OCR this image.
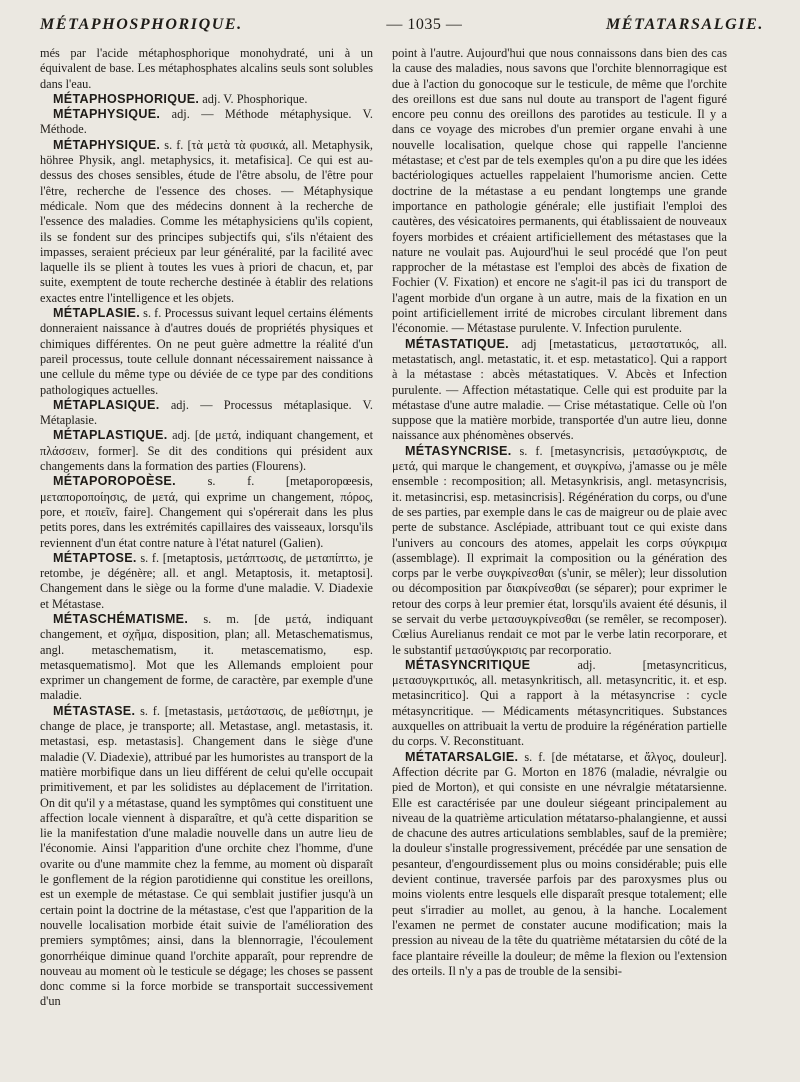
MÉTAPHOSPHORIQUE.	— 1035 —	MÉTATARSALGIE.

més par l'acide métaphosphorique monohydraté, uni à un équivalent de base. Les métaphosphates alcalins seuls sont solubles dans l'eau.

MÉTAPHOSPHORIQUE. adj. V. Phosphorique.

MÉTAPHYSIQUE. adj. — Méthode métaphysique. V. Méthode.

MÉTAPHYSIQUE. s. f. [τὰ μετὰ τὰ φυσικά, all. Metaphysik, höhree Physik, angl. metaphysics, it. metafisica]. Ce qui est au-dessus des choses sensibles, étude de l'être absolu, de l'être pour l'être, recherche de l'essence des choses. — Métaphysique médicale. Nom que des médecins donnent à la recherche de l'essence des maladies. Comme les métaphysiciens qu'ils copient, ils se fondent sur des principes subjectifs qui, s'ils n'étaient des impasses, seraient précieux par leur généralité, par la facilité avec laquelle ils se plient à toutes les vues à priori de chacun, et, par suite, exemptent de toute recherche destinée à établir des relations exactes entre l'intelligence et les objets.

MÉTAPLASIE. s. f. Processus suivant lequel certains éléments donneraient naissance à d'autres doués de propriétés physiques et chimiques différentes. On ne peut guère admettre la réalité d'un pareil processus, toute cellule donnant nécessairement naissance à une cellule du même type ou déviée de ce type par des conditions pathologiques actuelles.

MÉTAPLASIQUE. adj. — Processus métaplasique. V. Métaplasie.

MÉTAPLASTIQUE. adj. [de μετά, indiquant changement, et πλάσσειν, former]. Se dit des conditions qui président aux changements dans la formation des parties (Flourens).

MÉTAPOROPOÈSE.	s. f. [metaporopœesis, μεταποροποίησις, de μετά, qui exprime un changement, πόρος, pore, et ποιεῖν, faire]. Changement qui s'opérerait dans les plus petits pores, dans les extrémités capillaires des vaisseaux, lorsqu'ils reviennent d'un état contre nature à l'état naturel (Galien).

MÉTAPTOSE. s. f. [metaptosis, μετάπτωσις, de μεταπίπτω, je retombe, je dégénère; all. et angl. Metaptosis, it. metaptosi]. Changement dans le siège ou la forme d'une maladie. V. Diadexie et Métastase.

MÉTASCHÉMATISME. s. m. [de μετά, indiquant changement, et σχῆμα, disposition, plan; all. Metaschematismus, angl. metaschematism, it. metascematismo, esp. metasquematismo]. Mot que les Allemands emploient pour exprimer un changement de forme, de caractère, par exemple d'une maladie.

MÉTASTASE. s. f. [metastasis, μετάστασις, de μεθίστημι, je change de place, je transporte; all. Metastase, angl. metastasis, it. metastasi, esp. metastasis]. Changement dans le siège d'une maladie (V. Diadexie), attribué par les humoristes au transport de la matière morbifique dans un lieu différent de celui qu'elle occupait primitivement, et par les solidistes au déplacement de l'irritation. On dit qu'il y a métastase, quand les symptômes qui constituent une affection locale viennent à disparaître, et qu'à cette disparition se lie la manifestation d'une maladie nouvelle dans un autre lieu de l'économie. Ainsi l'apparition d'une orchite chez l'homme, d'une ovarite ou d'une mammite chez la femme, au moment où disparaît le gonflement de la région parotidienne qui constitue les oreillons, est un exemple de métastase. Ce qui semblait justifier jusqu'à un certain point la doctrine de la métastase, c'est que l'apparition de la nouvelle localisation morbide était suivie de l'amélioration des premiers symptômes; ainsi, dans la blennorragie, l'écoulement gonorrhéique diminue quand l'orchite apparaît, pour reprendre de nouveau au moment où le testicule se dégage; les choses se passent donc comme si la force morbide se transportait successivement d'un

point à l'autre. Aujourd'hui que nous connaissons dans bien des cas la cause des maladies, nous savons que l'orchite blennorragique est due à l'action du gonocoque sur le testicule, de même que l'orchite des oreillons est due sans nul doute au transport de l'agent figuré encore peu connu des oreillons des parotides au testicule. Il y a dans ce voyage des microbes d'un premier organe envahi à une nouvelle localisation, quelque chose qui rappelle l'ancienne métastase; et c'est par de tels exemples qu'on a pu dire que les idées bactériologiques actuelles rappelaient l'humorisme ancien. Cette doctrine de la métastase a eu pendant longtemps une grande importance en pathologie générale; elle justifiait l'emploi des cautères, des vésicatoires permanents, qui établissaient de nouveaux foyers morbides et créaient artificiellement des métastases que la nature ne voulait pas. Aujourd'hui le seul procédé que l'on peut rapprocher de la métastase est l'emploi des abcès de fixation de Fochier (V. Fixation) et encore ne s'agit-il pas ici du transport de l'agent morbide d'un organe à un autre, mais de la fixation en un point artificiellement irrité de microbes circulant librement dans l'économie. — Métastase purulente. V. Infection purulente.

MÉTASTATIQUE. adj [metastaticus, μεταστατικός, all. metastatisch, angl. metastatic, it. et esp. metastatico]. Qui a rapport à la métastase : abcès métastatiques. V. Abcès et Infection purulente. — Affection métastatique. Celle qui est produite par la métastase d'une autre maladie. — Crise métastatique. Celle où l'on suppose que la matière morbide, transportée d'un autre lieu, donne naissance aux phénomènes observés.

MÉTASYNCRISE. s. f. [metasyncrisis, μετασύγκρισις, de μετά, qui marque le changement, et συγκρίνω, j'amasse ou je mêle ensemble : recomposition; all. Metasynkrisis, angl. metasyncrisis, it. metasincrisi, esp. metasincrisis]. Régénération du corps, ou d'une de ses parties, par exemple dans le cas de maigreur ou de plaie avec perte de substance. Asclépiade, attribuant tout ce qui existe dans l'univers au concours des atomes, appelait les corps σύγκριμα (assemblage). Il exprimait la composition ou la génération des corps par le verbe συγκρίνεσθαι (s'unir, se mêler); leur dissolution ou décomposition par διακρίνεσθαι (se séparer); pour exprimer le retour des corps à leur premier état, lorsqu'ils avaient été désunis, il se servait du verbe μετασυγκρίνεσθαι (se remêler, se recomposer). Cœlius Aurelianus rendait ce mot par le verbe latin recorporare, et le substantif μετασύγκρισις par recorporatio.

MÉTASYNCRITIQUE	adj. [metasyncriticus, μετασυγκριτικός, all. metasynkritisch, all. metasyncritic, it. et esp. metasincritico]. Qui a rapport à la métasyncrise : cycle métasyncritique. — Médicaments métasyncritiques. Substances auxquelles on attribuait la vertu de produire la régénération partielle du corps. V. Reconstituant.

MÉTATARSALGIE. s. f. [de métatarse, et ἄλγος, douleur]. Affection décrite par G. Morton en 1876 (maladie, névralgie ou pied de Morton), et qui consiste en une névralgie métatarsienne. Elle est caractérisée par une douleur siégeant principalement au niveau de la quatrième articulation métatarso-phalangienne, et aussi de chacune des autres articulations semblables, sauf de la première; la douleur s'installe progressivement, précédée par une sensation de pesanteur, d'engourdissement plus ou moins considérable; puis elle devient continue, traversée parfois par des paroxysmes plus ou moins violents entre lesquels elle disparaît presque totalement; elle peut s'irradier au mollet, au genou, à la hanche. Localement l'examen ne permet de constater aucune modification; mais la pression au niveau de la tête du quatrième métatarsien du côté de la face plantaire réveille la douleur; de même la flexion ou l'extension des orteils. Il n'y a pas de trouble de la sensibi-
